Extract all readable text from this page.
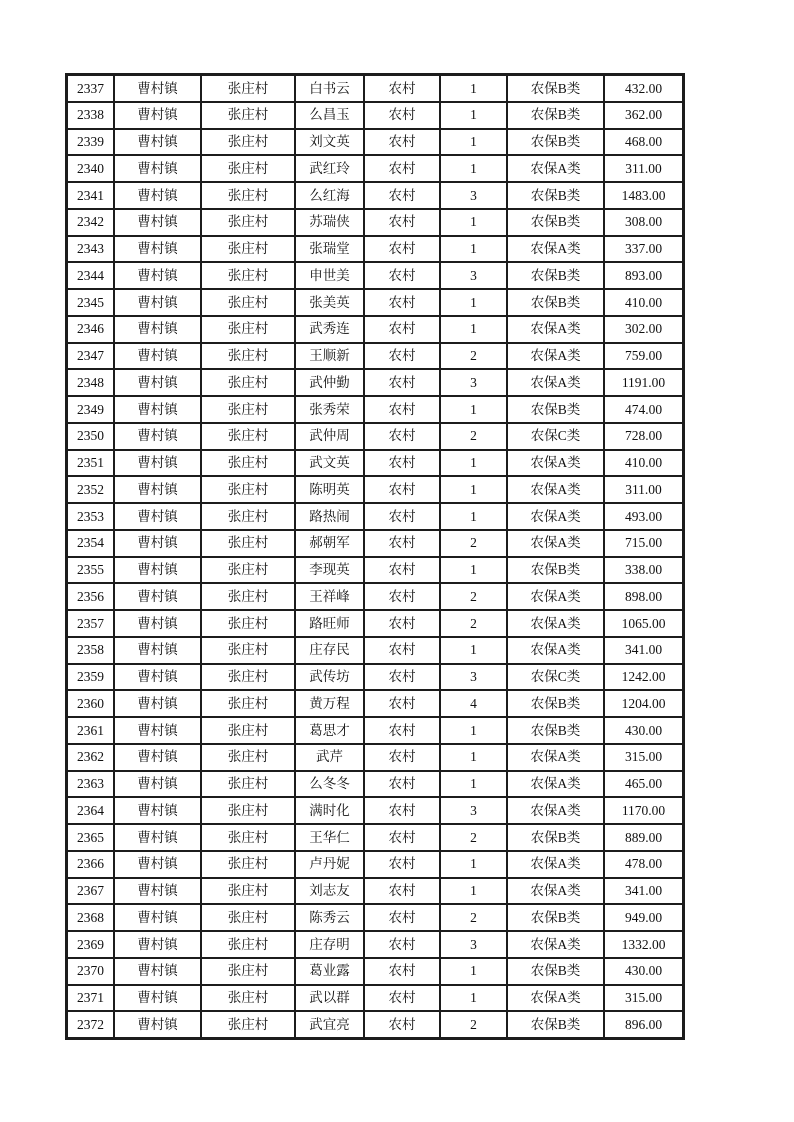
2337	曹村镇	张庄村	白书云	农村	1	农保B类	432.00
2338	曹村镇	张庄村	么昌玉	农村	1	农保B类	362.00
2339	曹村镇	张庄村	刘文英	农村	1	农保B类	468.00
2340	曹村镇	张庄村	武红玲	农村	1	农保A类	311.00
2341	曹村镇	张庄村	么红海	农村	3	农保B类	1483.00
2342	曹村镇	张庄村	苏瑞侠	农村	1	农保B类	308.00
2343	曹村镇	张庄村	张瑞堂	农村	1	农保A类	337.00
2344	曹村镇	张庄村	申世美	农村	3	农保B类	893.00
2345	曹村镇	张庄村	张美英	农村	1	农保B类	410.00
2346	曹村镇	张庄村	武秀连	农村	1	农保A类	302.00
2347	曹村镇	张庄村	王顺新	农村	2	农保A类	759.00
2348	曹村镇	张庄村	武仲勤	农村	3	农保A类	1191.00
2349	曹村镇	张庄村	张秀荣	农村	1	农保B类	474.00
2350	曹村镇	张庄村	武仲周	农村	2	农保C类	728.00
2351	曹村镇	张庄村	武文英	农村	1	农保A类	410.00
2352	曹村镇	张庄村	陈明英	农村	1	农保A类	311.00
2353	曹村镇	张庄村	路热闹	农村	1	农保A类	493.00
2354	曹村镇	张庄村	郝朝军	农村	2	农保A类	715.00
2355	曹村镇	张庄村	李现英	农村	1	农保B类	338.00
2356	曹村镇	张庄村	王祥峰	农村	2	农保A类	898.00
2357	曹村镇	张庄村	路旺师	农村	2	农保A类	1065.00
2358	曹村镇	张庄村	庄存民	农村	1	农保A类	341.00
2359	曹村镇	张庄村	武传坊	农村	3	农保C类	1242.00
2360	曹村镇	张庄村	黄万程	农村	4	农保B类	1204.00
2361	曹村镇	张庄村	葛思才	农村	1	农保B类	430.00
2362	曹村镇	张庄村	武芹	农村	1	农保A类	315.00
2363	曹村镇	张庄村	么冬冬	农村	1	农保A类	465.00
2364	曹村镇	张庄村	满时化	农村	3	农保A类	1170.00
2365	曹村镇	张庄村	王华仁	农村	2	农保B类	889.00
2366	曹村镇	张庄村	卢丹妮	农村	1	农保A类	478.00
2367	曹村镇	张庄村	刘志友	农村	1	农保A类	341.00
2368	曹村镇	张庄村	陈秀云	农村	2	农保B类	949.00
2369	曹村镇	张庄村	庄存明	农村	3	农保A类	1332.00
2370	曹村镇	张庄村	葛业露	农村	1	农保B类	430.00
2371	曹村镇	张庄村	武以群	农村	1	农保A类	315.00
2372	曹村镇	张庄村	武宜亮	农村	2	农保B类	896.00
